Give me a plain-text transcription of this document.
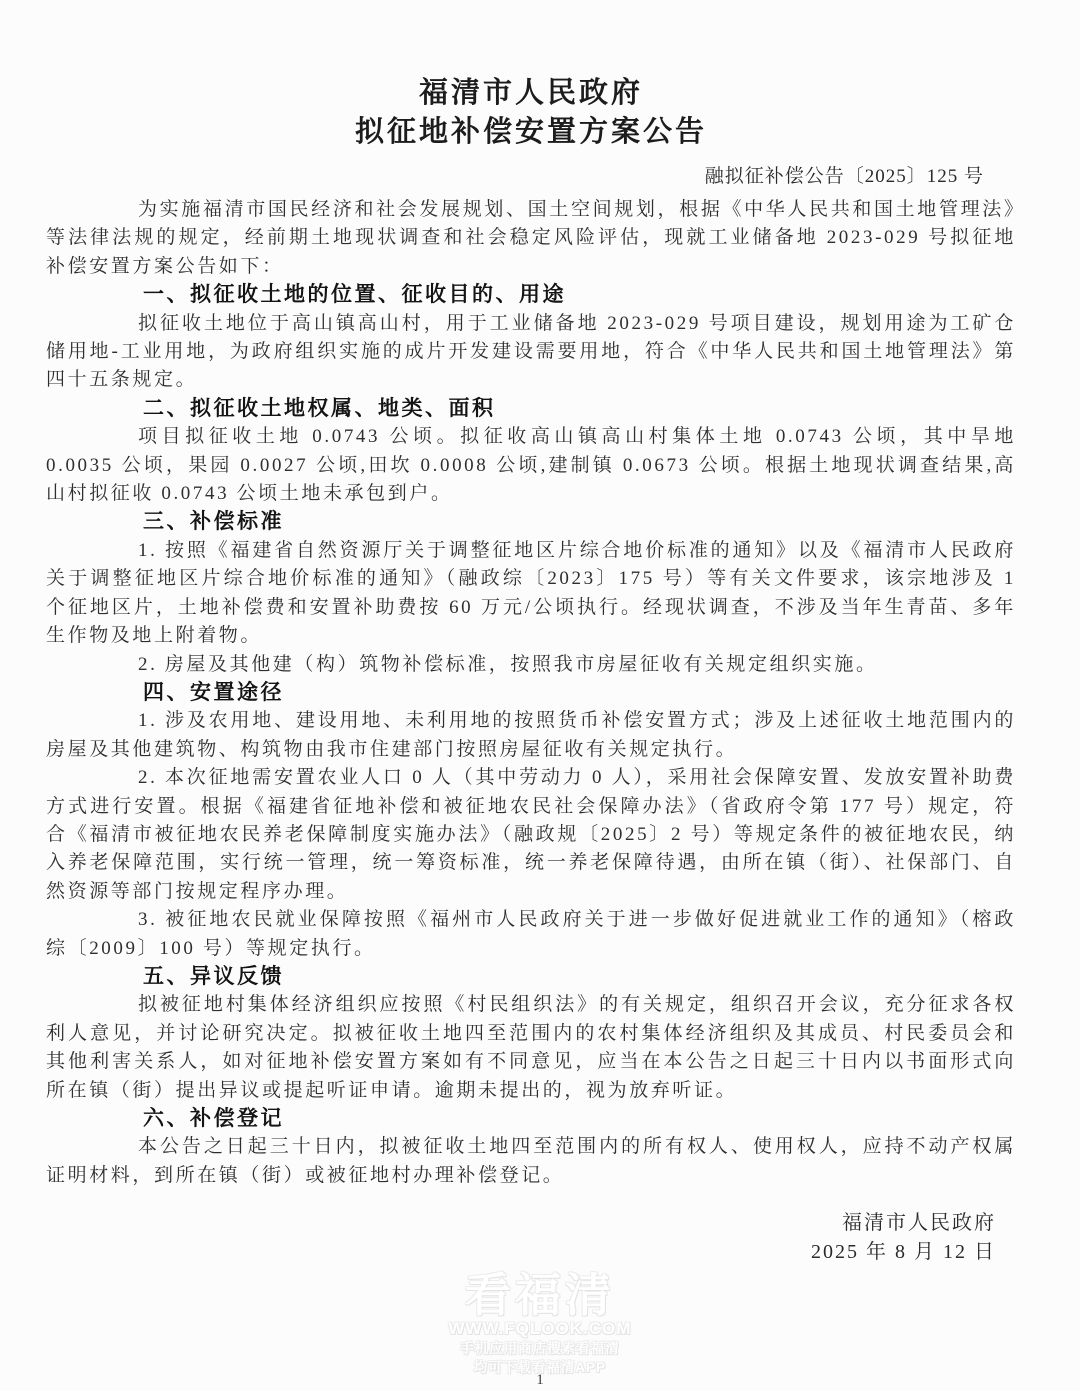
福清市人民政府
拟征地补偿安置方案公告
融拟征补偿公告〔2025〕125 号

为实施福清市国民经济和社会发展规划、国土空间规划，根据《中华人民共和国土地管理法》等法律法规的规定，经前期土地现状调查和社会稳定风险评估，现就工业储备地 2023-029 号拟征地补偿安置方案公告如下：

一、拟征收土地的位置、征收目的、用途

拟征收土地位于高山镇高山村，用于工业储备地 2023-029 号项目建设，规划用途为工矿仓储用地-工业用地，为政府组织实施的成片开发建设需要用地，符合《中华人民共和国土地管理法》第四十五条规定。

二、拟征收土地权属、地类、面积

项目拟征收土地 0.0743 公顷。拟征收高山镇高山村集体土地 0.0743 公顷，其中旱地 0.0035 公顷，果园 0.0027 公顷,田坎 0.0008 公顷,建制镇 0.0673 公顷。根据土地现状调查结果,高山村拟征收 0.0743 公顷土地未承包到户。

三、补偿标准

1. 按照《福建省自然资源厅关于调整征地区片综合地价标准的通知》以及《福清市人民政府关于调整征地区片综合地价标准的通知》（融政综〔2023〕175 号）等有关文件要求，该宗地涉及 1 个征地区片，土地补偿费和安置补助费按 60 万元/公顷执行。经现状调查，不涉及当年生青苗、多年生作物及地上附着物。

2. 房屋及其他建（构）筑物补偿标准，按照我市房屋征收有关规定组织实施。

四、安置途径

1. 涉及农用地、建设用地、未利用地的按照货币补偿安置方式；涉及上述征收土地范围内的房屋及其他建筑物、构筑物由我市住建部门按照房屋征收有关规定执行。

2. 本次征地需安置农业人口 0 人（其中劳动力 0 人），采用社会保障安置、发放安置补助费方式进行安置。根据《福建省征地补偿和被征地农民社会保障办法》（省政府令第 177 号）规定，符合《福清市被征地农民养老保障制度实施办法》（融政规〔2025〕2 号）等规定条件的被征地农民，纳入养老保障范围，实行统一管理，统一筹资标准，统一养老保障待遇，由所在镇（街）、社保部门、自然资源等部门按规定程序办理。

3. 被征地农民就业保障按照《福州市人民政府关于进一步做好促进就业工作的通知》（榕政综〔2009〕100 号）等规定执行。

五、异议反馈

拟被征地村集体经济组织应按照《村民组织法》的有关规定，组织召开会议，充分征求各权利人意见，并讨论研究决定。拟被征收土地四至范围内的农村集体经济组织及其成员、村民委员会和其他利害关系人，如对征地补偿安置方案如有不同意见，应当在本公告之日起三十日内以书面形式向所在镇（街）提出异议或提起听证申请。逾期未提出的，视为放弃听证。

六、补偿登记

本公告之日起三十日内，拟被征收土地四至范围内的所有权人、使用权人，应持不动产权属证明材料，到所在镇（街）或被征地村办理补偿登记。

福清市人民政府
2025 年 8 月 12 日
看福清
WWW.FQLOOK.COM
手机应用商店搜索看福清
均可下载看福清APP
1
